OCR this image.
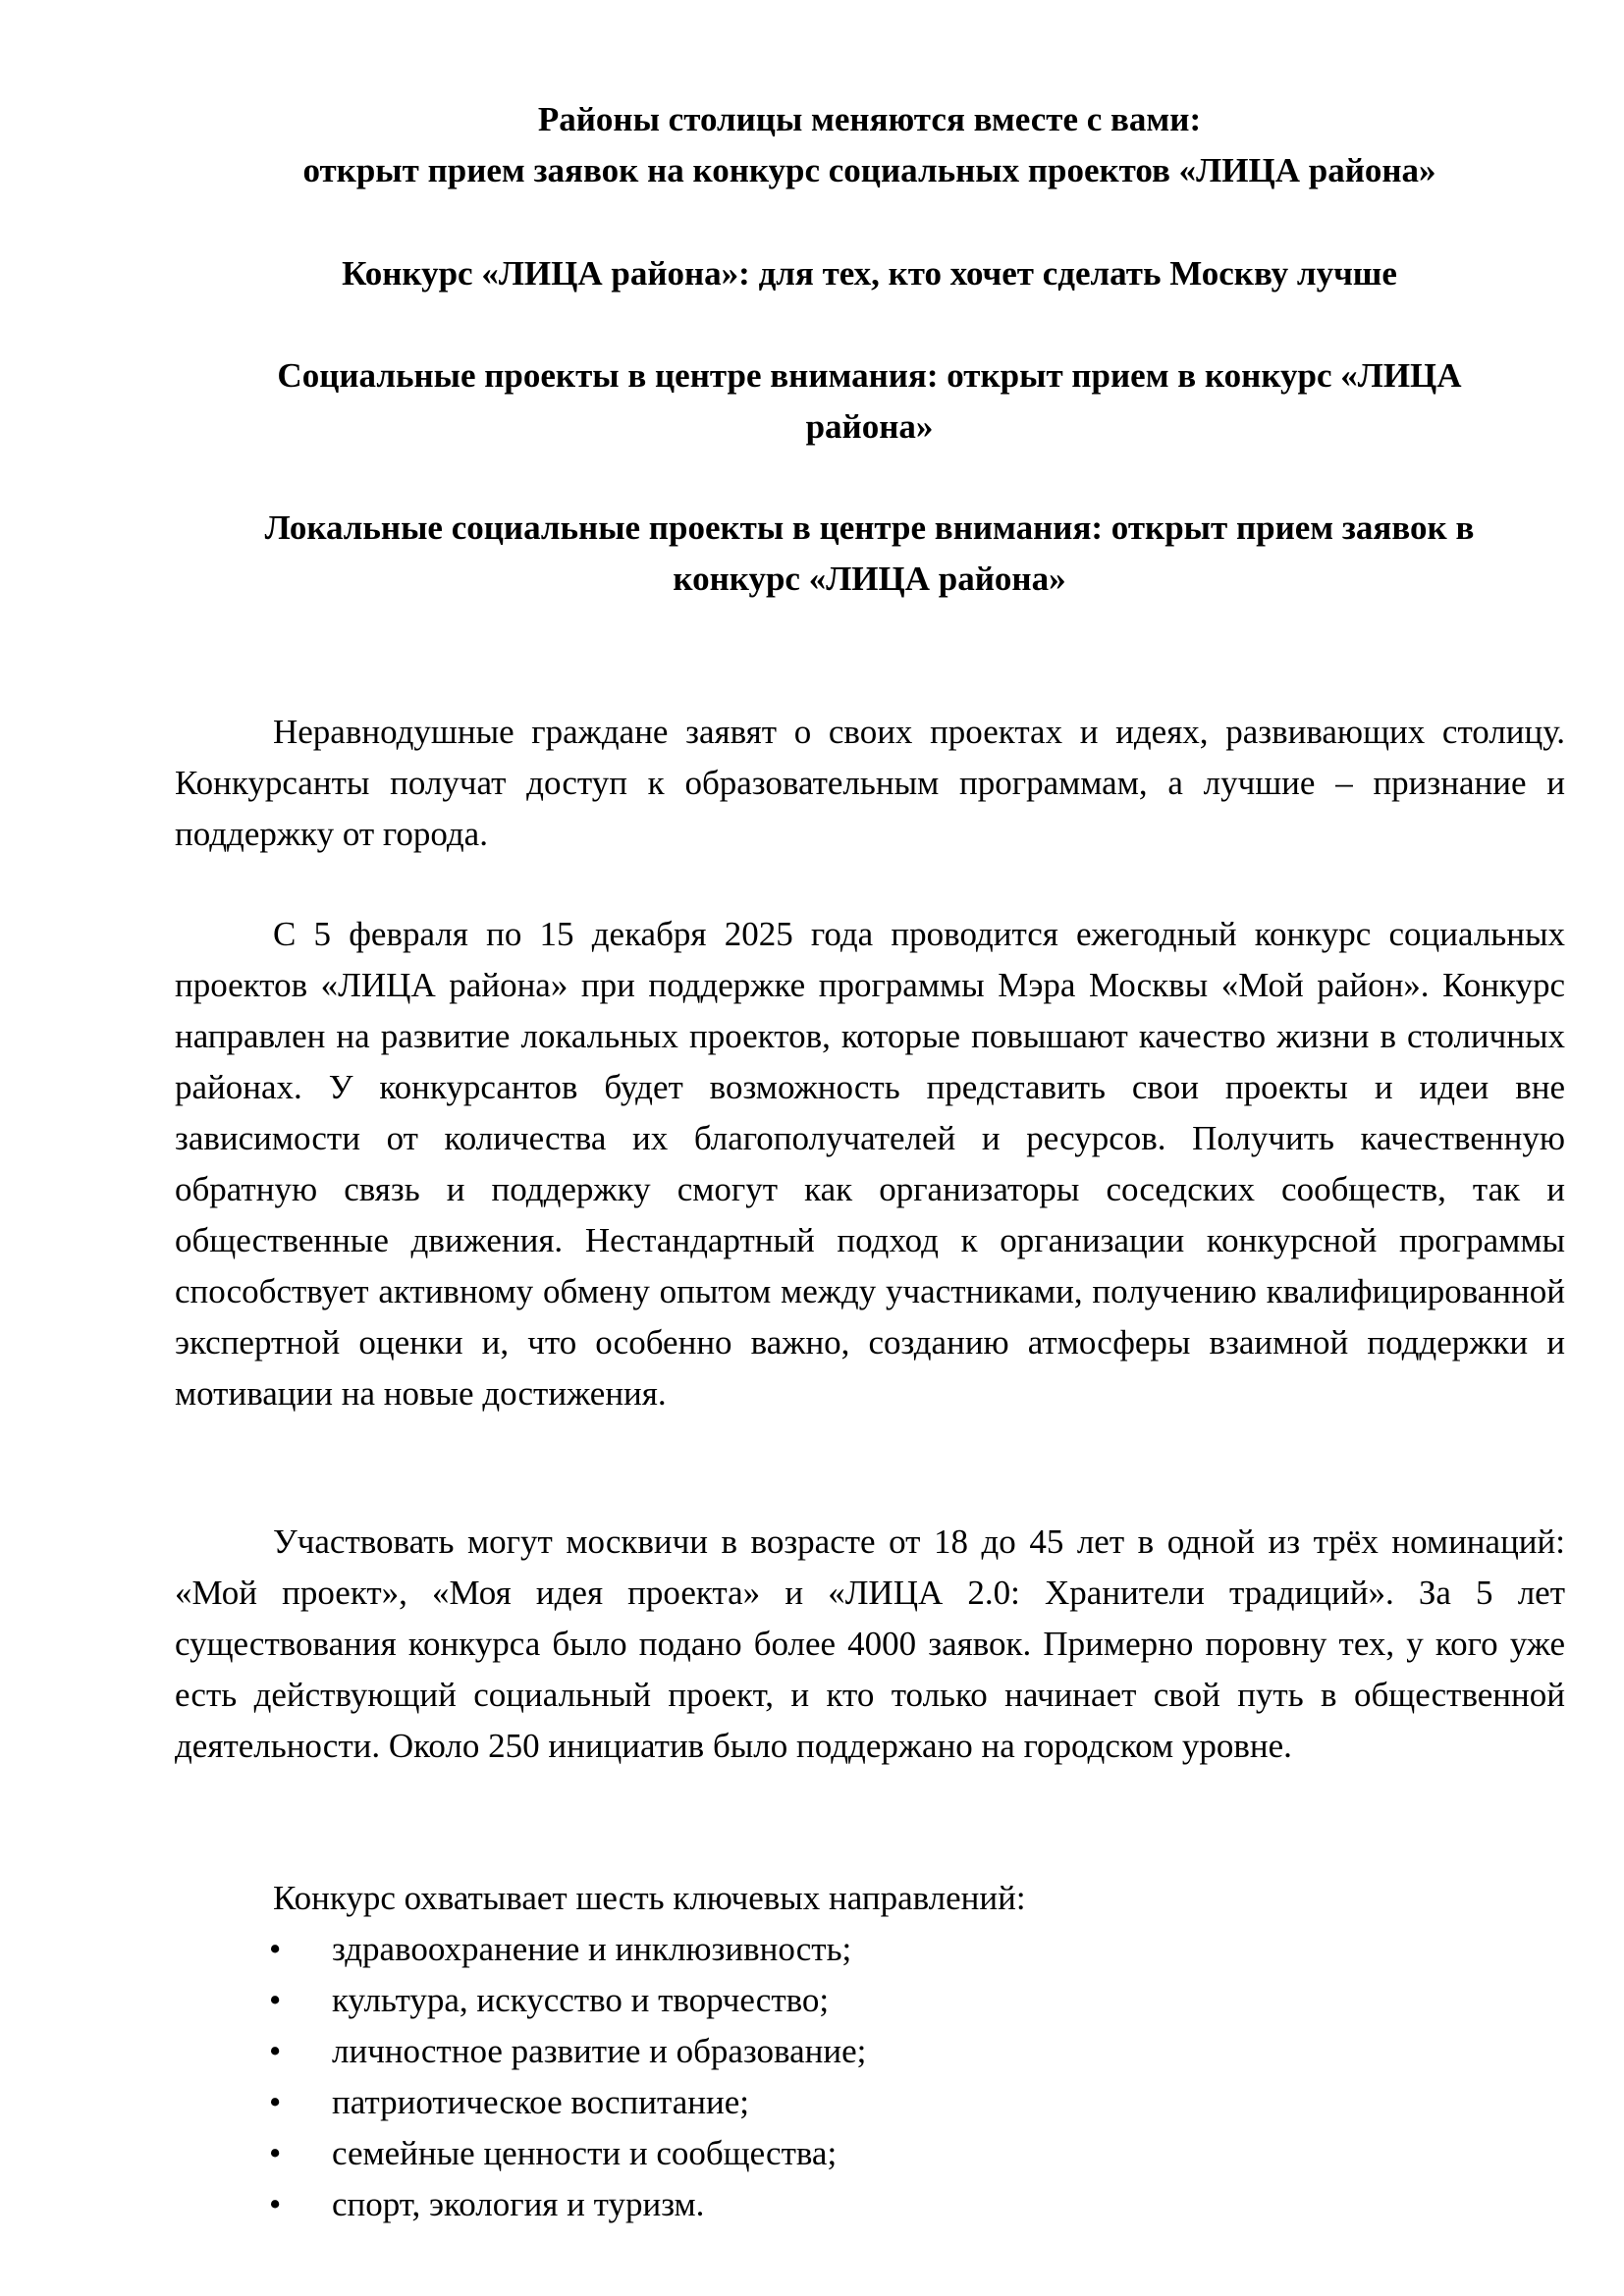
Районы столицы меняются вместе с вами:
открыт прием заявок на конкурс социальных проектов «ЛИЦА района»
Конкурс «ЛИЦА района»: для тех, кто хочет сделать Москву лучше
Социальные проекты в центре внимания: открыт прием в конкурс «ЛИЦА
района»
Локальные социальные проекты в центре внимания: открыт прием заявок в
конкурс «ЛИЦА района»

Неравнодушные граждане заявят о своих проектах и идеях, развивающих столицу. Конкурсанты получат доступ к образовательным программам, а лучшие – признание и поддержку от города.

С 5 февраля по 15 декабря 2025 года проводится ежегодный конкурс социальных проектов «ЛИЦА района» при поддержке программы Мэра Москвы «Мой район». Конкурс направлен на развитие локальных проектов, которые повышают качество жизни в столичных районах. У конкурсантов будет возможность представить свои проекты и идеи вне зависимости от количества их благополучателей и ресурсов. Получить качественную обратную связь и поддержку смогут как организаторы соседских сообществ, так и общественные движения. Нестандартный подход к организации конкурсной программы способствует активному обмену опытом между участниками, получению квалифицированной экспертной оценки и, что особенно важно, созданию атмосферы взаимной поддержки и мотивации на новые достижения.

Участвовать могут москвичи в возрасте от 18 до 45 лет в одной из трёх номинаций: «Мой проект», «Моя идея проекта» и «ЛИЦА 2.0: Хранители традиций». За 5 лет существования конкурса было подано более 4000 заявок. Примерно поровну тех, у кого уже есть действующий социальный проект, и кто только начинает свой путь в общественной деятельности. Около 250 инициатив было поддержано на городском уровне.

Конкурс охватывает шесть ключевых направлений:

•	здравоохранение и инклюзивность;
•	культура, искусство и творчество;
•	личностное развитие и образование;
•	патриотическое воспитание;
•	семейные ценности и сообщества;
•	спорт, экология и туризм.
